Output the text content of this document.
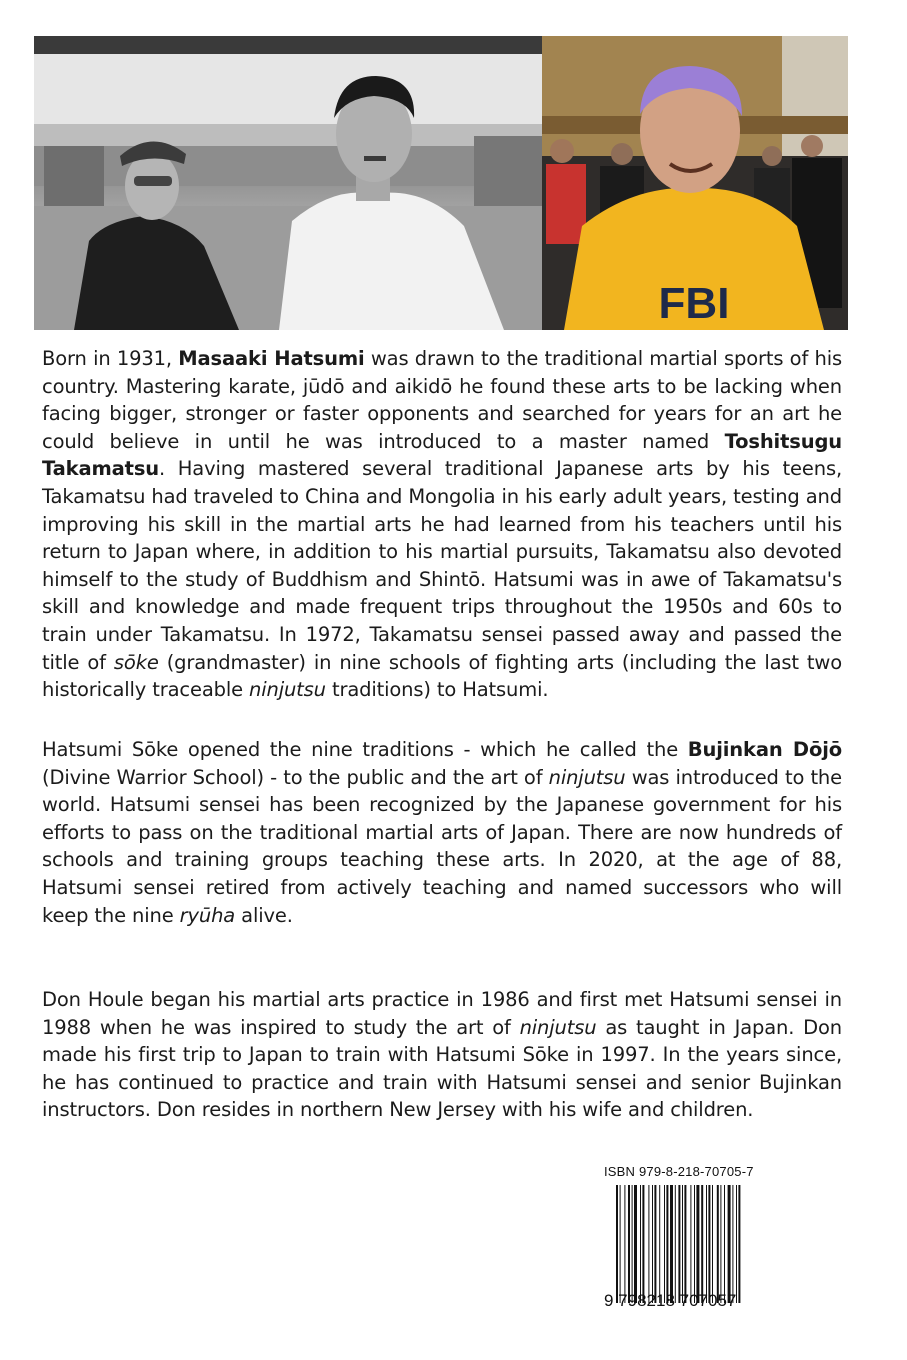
FBI

Born in 1931, Masaaki Hatsumi was drawn to the traditional martial sports of his country. Mastering karate, jūdō and aikidō he found these arts to be lacking when facing bigger, stronger or faster opponents and searched for years for an art he could believe in until he was introduced to a master named Toshitsugu Takamatsu. Having mastered several traditional Japanese arts by his teens, Takamatsu had traveled to China and Mongolia in his early adult years, testing and improving his skill in the martial arts he had learned from his teachers until his return to Japan where, in addition to his martial pursuits, Takamatsu also devoted himself to the study of Buddhism and Shintō. Hatsumi was in awe of Takamatsu's skill and knowledge and made frequent trips throughout the 1950s and 60s to train under Takamatsu. In 1972, Takamatsu sensei passed away and passed the title of sōke (grandmaster) in nine schools of fighting arts (including the last two historically traceable ninjutsu traditions) to Hatsumi.

Hatsumi Sōke opened the nine traditions - which he called the Bujinkan Dōjō (Divine Warrior School) - to the public and the art of ninjutsu was introduced to the world. Hatsumi sensei has been recognized by the Japanese government for his efforts to pass on the traditional martial arts of Japan. There are now hundreds of schools and training groups teaching these arts. In 2020, at the age of 88, Hatsumi sensei retired from actively teaching and named successors who will keep the nine ryūha alive.

Don Houle began his martial arts practice in 1986 and first met Hatsumi sensei in 1988 when he was inspired to study the art of ninjutsu as taught in Japan. Don made his first trip to Japan to train with Hatsumi Sōke in 1997. In the years since, he has continued to practice and train with Hatsumi sensei and senior Bujinkan instructors. Don resides in northern New Jersey with his wife and children.

ISBN 979-8-218-70705-7
9 798218 707057
